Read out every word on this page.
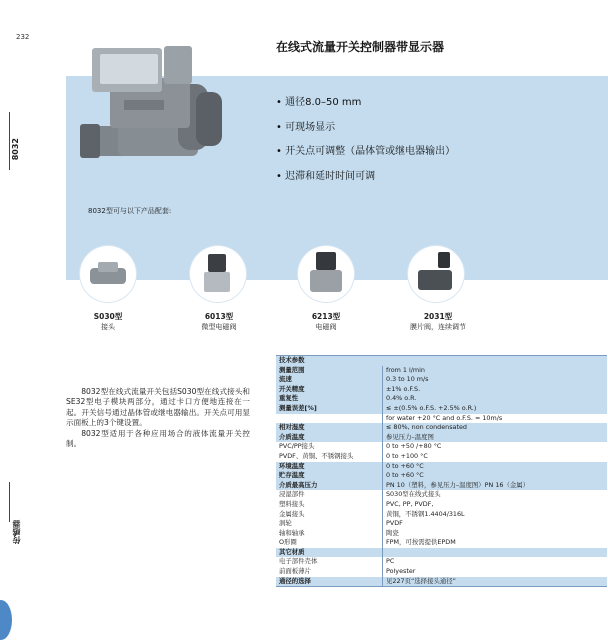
232
8032
传感器
在线式流量开关控制器带显示器
• 通径8.0–50 mm
• 可现场显示
• 开关点可调整（晶体管或继电器输出）
• 迟滞和延时时间可调
8032型可与以下产品配套:
S030型
接头
6013型
微型电磁阀
6213型
电磁阀
2031型
膜片阀，连续调节

8032型在线式流量开关包括S030型在线式接头和SE32型电子模块两部分，通过卡口方便地连接在一起。开关信号通过晶体管或继电器输出。开关点可用显示面板上的3个键设置。

8032型适用于各种应用场合的液体流量开关控制。

技术参数	
测量范围	from 1 l/min
流速	0.3 to 10 m/s
开关精度	±1% o.F.S.
重复性	0.4% o.R.
测量误差[%]	≤ ±(0.5% o.F.S. +2.5% o.R.)
	for water +20 °C and o.F.S. = 10m/s
相对湿度	≤ 80%, non condensated
介质温度	参见压力–温度图
PVC/PP接头	0 to +50 /+80 °C
PVDF、黄铜、不锈钢接头	0 to +100 °C
环境温度	0 to +60 °C
贮存温度	0 to +60 °C
介质最高压力	PN 10（塑料，参见压力–温度图）PN 16（金属）
浸湿部件	S030型在线式接头
塑料接头	PVC, PP, PVDF,
金属接头	黄铜，不锈钢1.4404/316L
涡轮	PVDF
轴和轴承	陶瓷
O形圈	FPM，可按需提供EPDM
其它材质	
电子部件壳体	PC
前面板薄片	Polyester
通径的选择	见227页“选择接头通径”
